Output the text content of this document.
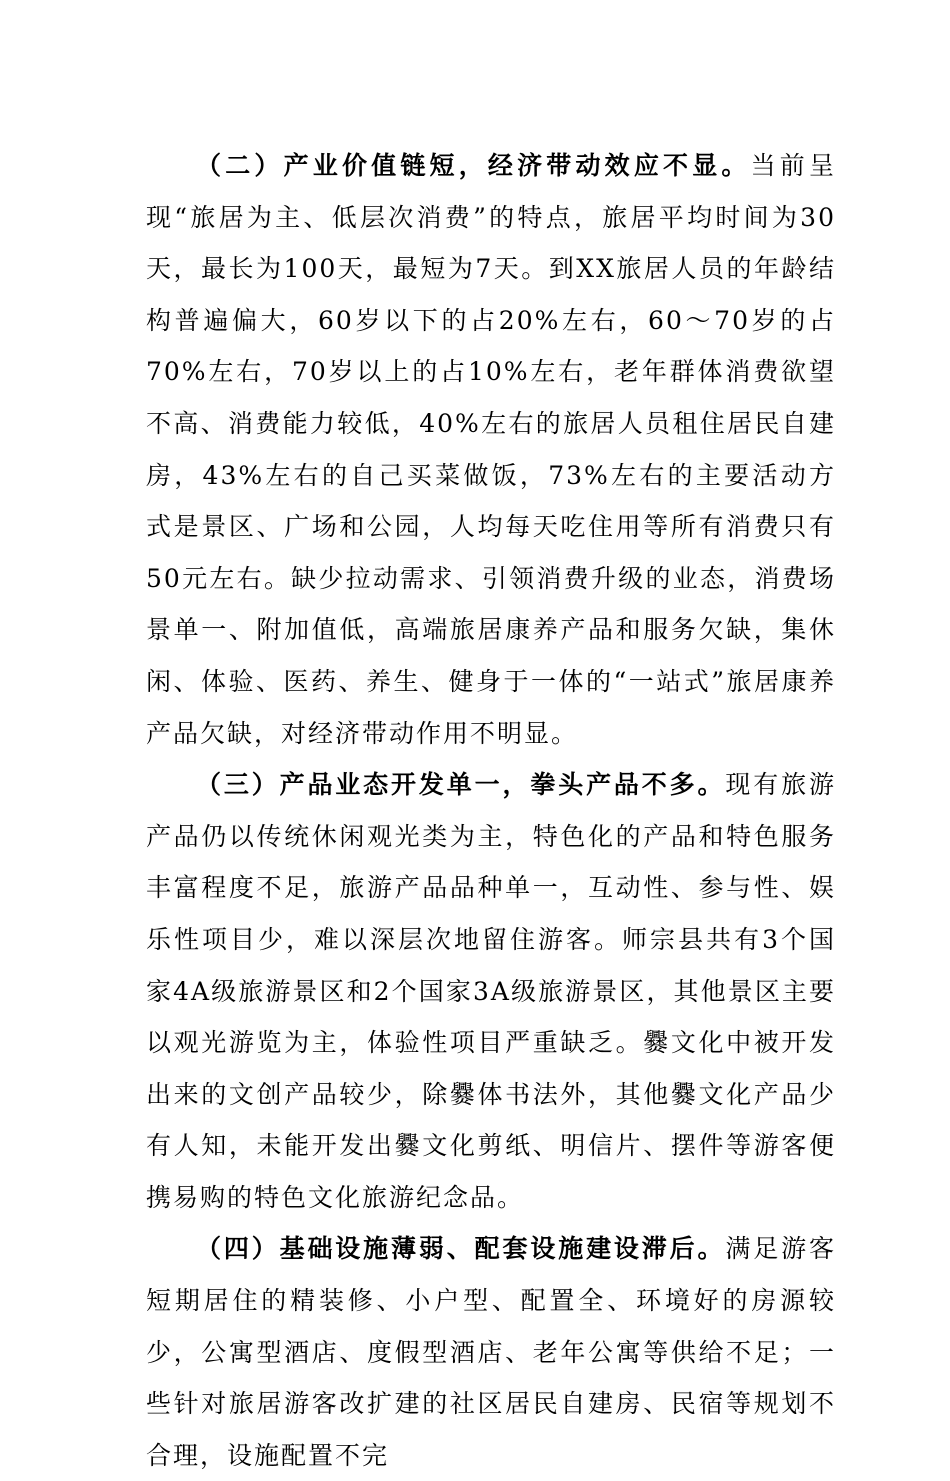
（二）产业价值链短，经济带动效应不显。当前呈现“旅居为主、低层次消费”的特点，旅居平均时间为30天，最长为100天，最短为7天。到XX旅居人员的年龄结构普遍偏大，60岁以下的占20%左右，60～70岁的占70%左右，70岁以上的占10%左右，老年群体消费欲望不高、消费能力较低，40%左右的旅居人员租住居民自建房，43%左右的自己买菜做饭，73%左右的主要活动方式是景区、广场和公园，人均每天吃住用等所有消费只有50元左右。缺少拉动需求、引领消费升级的业态，消费场景单一、附加值低，高端旅居康养产品和服务欠缺，集休闲、体验、医药、养生、健身于一体的“一站式”旅居康养产品欠缺，对经济带动作用不明显。

（三）产品业态开发单一，拳头产品不多。现有旅游产品仍以传统休闲观光类为主，特色化的产品和特色服务丰富程度不足，旅游产品品种单一，互动性、参与性、娱乐性项目少，难以深层次地留住游客。师宗县共有3个国家4A级旅游景区和2个国家3A级旅游景区，其他景区主要以观光游览为主，体验性项目严重缺乏。爨文化中被开发出来的文创产品较少，除爨体书法外，其他爨文化产品少有人知，未能开发出爨文化剪纸、明信片、摆件等游客便携易购的特色文化旅游纪念品。

（四）基础设施薄弱、配套设施建设滞后。满足游客短期居住的精装修、小户型、配置全、环境好的房源较少，公寓型酒店、度假型酒店、老年公寓等供给不足；一些针对旅居游客改扩建的社区居民自建房、民宿等规划不合理，设施配置不完
